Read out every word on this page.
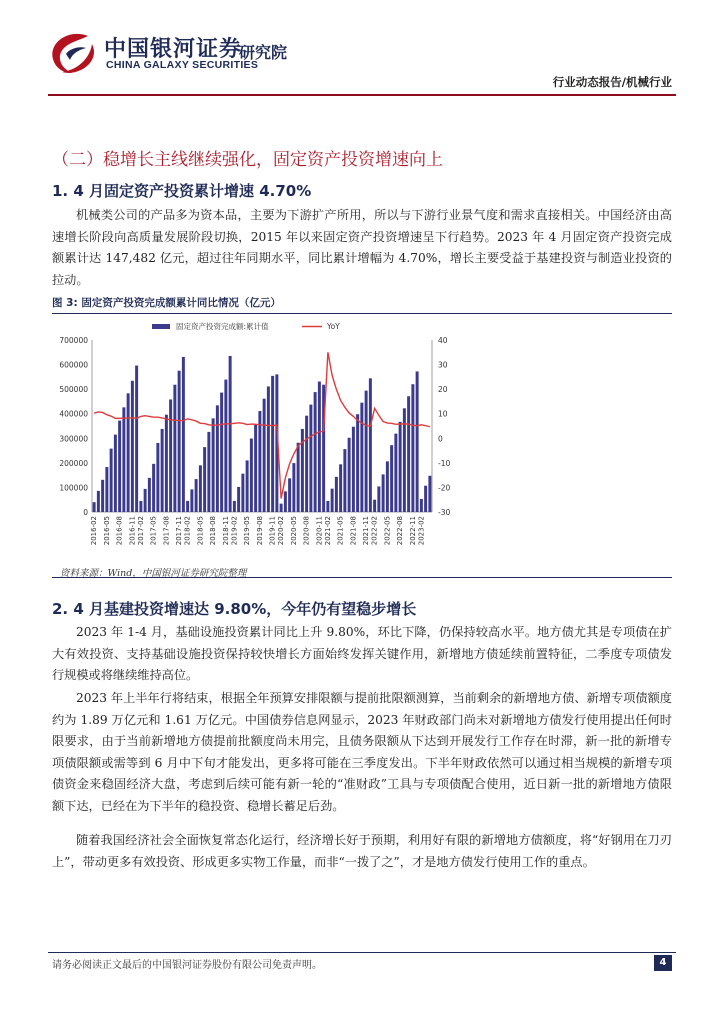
中国银河证券
CHINA GALAXY SECURITIES
研究院
行业动态报告/机械行业
（二）稳增长主线继续强化，固定资产投资增速向上
1. 4 月固定资产投资累计增速 4.70%
机械类公司的产品多为资本品，主要为下游扩产所用，所以与下游行业景气度和需求直接相关。中国经济由高速增长阶段向高质量发展阶段切换，2015 年以来固定资产投资增速呈下行趋势。2023 年 4 月固定资产投资完成额累计达 147,482 亿元，超过往年同期水平，同比累计增幅为 4.70%，增长主要受益于基建投资与制造业投资的拉动。
图 3: 固定资产投资完成额累计同比情况（亿元）
0
100000
200000
300000
400000
500000
600000
700000
-30
-20
-10
0
10
20
30
40
2016-02 2016-05 2016-08 2016-11 2017-02 2017-05 2017-08 2017-11 2018-02 2018-05 2018-08 2018-11 2019-02 2019-05 2019-08 2019-11 2020-02 2020-05 2020-08 2020-11 2021-02 2021-05 2021-08 2021-11 2022-02 2022-05 2022-08 2022-11 2023-02
固定资产投资完成额:累计值	YoY
资料来源：Wind，中国银河证券研究院整理
2. 4 月基建投资增速达 9.80%，今年仍有望稳步增长
2023 年 1-4 月，基础设施投资累计同比上升 9.80%，环比下降，仍保持较高水平。地方债尤其是专项债在扩大有效投资、支持基础设施投资保持较快增长方面始终发挥关键作用，新增地方债延续前置特征，二季度专项债发行规模或将继续维持高位。
2023 年上半年行将结束，根据全年预算安排限额与提前批限额测算，当前剩余的新增地方债、新增专项债额度约为 1.89 万亿元和 1.61 万亿元。中国债券信息网显示，2023 年财政部门尚未对新增地方债发行使用提出任何时限要求，由于当前新增地方债提前批额度尚未用完，且债务限额从下达到开展发行工作存在时滞，新一批的新增专项债限额或需等到 6 月中下旬才能发出，更多将可能在三季度发出。下半年财政依然可以通过相当规模的新增专项债资金来稳固经济大盘，考虑到后续可能有新一轮的“准财政”工具与专项债配合使用，近日新一批的新增地方债限额下达，已经在为下半年的稳投资、稳增长蓄足后劲。
随着我国经济社会全面恢复常态化运行，经济增长好于预期，利用好有限的新增地方债额度，将“好钢用在刀刃上”，带动更多有效投资、形成更多实物工作量，而非“一拨了之”，才是地方债发行使用工作的重点。
请务必阅读正文最后的中国银河证券股份有限公司免责声明。	4
